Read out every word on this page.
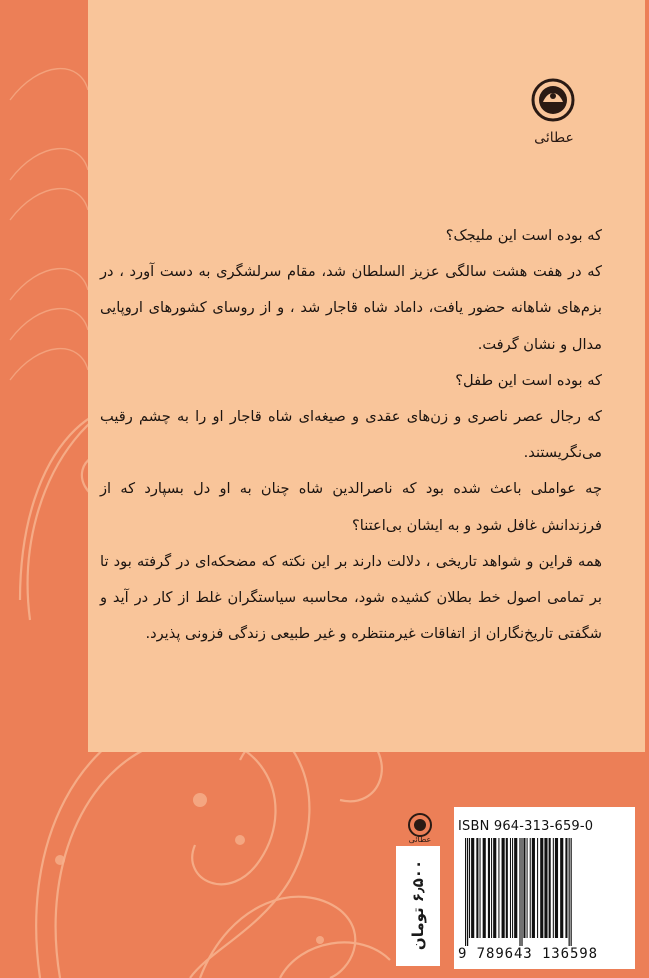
عطائی

که بوده است این ملیجک؟

که در هفت هشت سالگی عزیز السلطان شد، مقام سرلشگری به دست آورد ، در بزم‌های شاهانه حضور یافت، داماد شاه قاجار شد ، و از روسای کشورهای اروپایی مدال و نشان گرفت.

که بوده است این طفل؟

که رجال عصر ناصری و زن‌های عقدی و صیغه‌ای شاه قاجار او را به چشم رقیب می‌نگریستند.

چه عواملی باعث شده بود که ناصرالدین شاه چنان به او دل بسپارد که از فرزندانش غافل شود و به ایشان بی‌اعتنا؟

همه قراین و شواهد تاریخی ، دلالت دارند بر این نکته که مضحکه‌ای در گرفته بود تا بر تمامی اصول خط بطلان کشیده شود، محاسبه سیاستگران غلط از کار در آید و شگفتی تاریخ‌نگاران از اتفاقات غیرمنتظره و غیر طبیعی زندگی فزونی پذیرد.

عطائی
۶٫۵۰۰ تومان
ISBN 964-313-659-0
9 789643 136598
